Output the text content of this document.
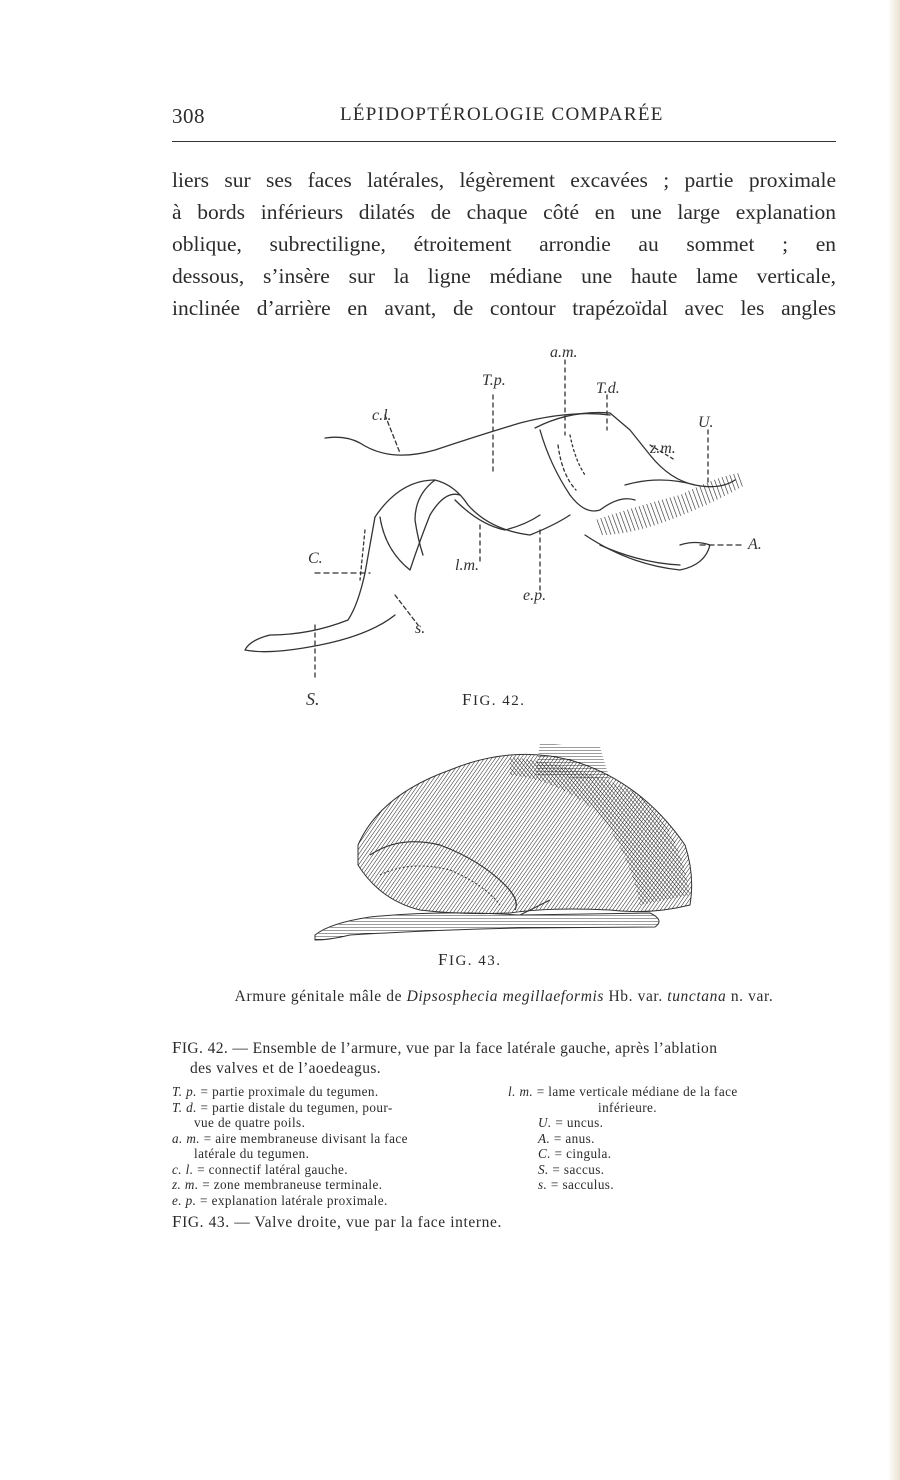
308	LÉPIDOPTÉROLOGIE COMPARÉE
liers sur ses faces latérales, légèrement excavées ; partie proximale
à bords inférieurs dilatés de chaque côté en une large explanation
oblique, subrectiligne, étroitement arrondie au sommet ; en
dessous, s’insère sur la ligne médiane une haute lame verticale,
inclinée d’arrière en avant, de contour trapézoïdal avec les angles
a.m.
T.p.	T.d.
c.l.	U.
z.m.
C.
A.
l.m.
e.p.
s.
S.	FIG. 42.
FIG. 43.
Armure génitale mâle de Dipsosphecia megillaeformis Hb. var. tunctana n. var.
FIG. 42. — Ensemble de l’armure, vue par la face latérale gauche, après l’ablation
des valves et de l’aoedeagus.
T. p. = partie proximale du tegumen.
T. d. = partie distale du tegumen, pour-
vue de quatre poils.
a. m. = aire membraneuse divisant la face
latérale du tegumen.
c. l. = connectif latéral gauche.
z. m. = zone membraneuse terminale.
e. p. = explanation latérale proximale.
l. m. = lame verticale médiane de la face
inférieure.
U. = uncus.
A. = anus.
C. = cingula.
S. = saccus.
s. = sacculus.
FIG. 43. — Valve droite, vue par la face interne.
